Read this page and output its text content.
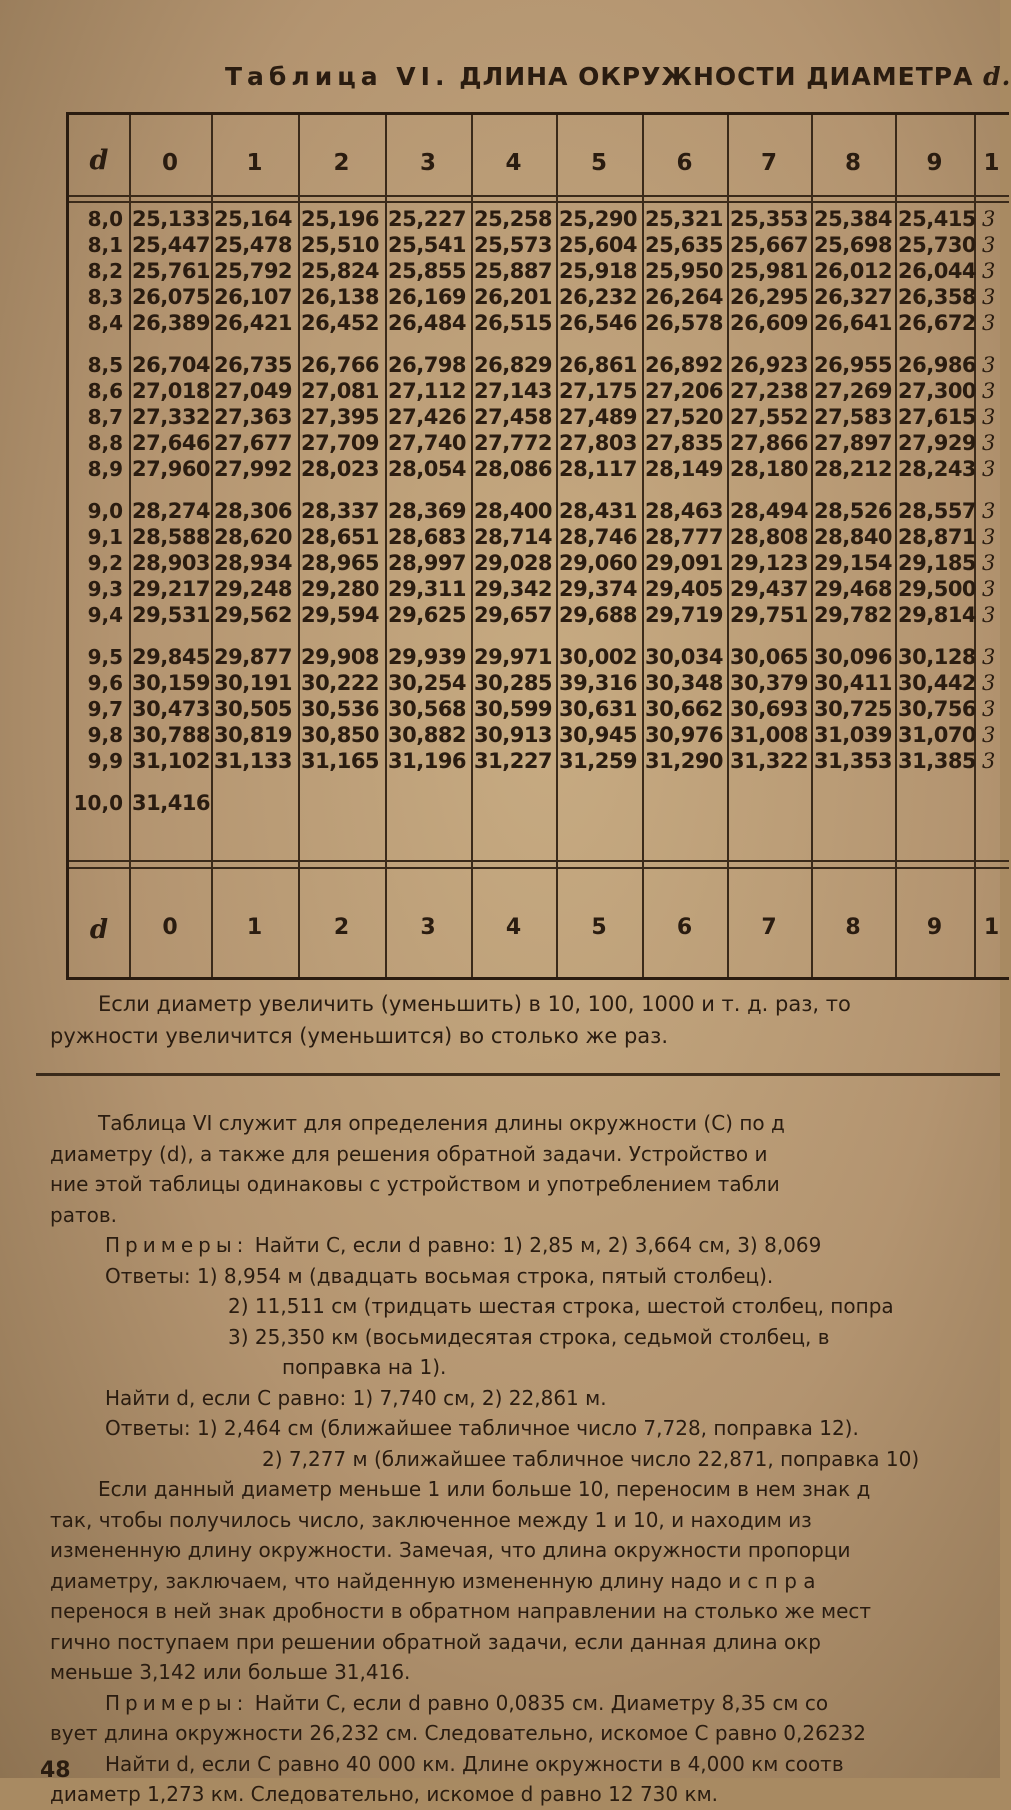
Таблица VI. ДЛИНА ОКРУЖНОСТИ ДИАМЕТРА d.
d	0	1	2	3	4	5	6	7	8	9	1
d	0	1	2	3	4	5	6	7	8	9	1
8,0 25,133 25,164 25,196 25,227 25,258 25,290 25,321 25,353 25,384 25,415 3
8,1 25,447 25,478 25,510 25,541 25,573 25,604 25,635 25,667 25,698 25,730 3
8,2 25,761 25,792 25,824 25,855 25,887 25,918 25,950 25,981 26,012 26,044 3
8,3 26,075 26,107 26,138 26,169 26,201 26,232 26,264 26,295 26,327 26,358 3
8,4 26,389 26,421 26,452 26,484 26,515 26,546 26,578 26,609 26,641 26,672 3
8,5 26,704 26,735 26,766 26,798 26,829 26,861 26,892 26,923 26,955 26,986 3
8,6 27,018 27,049 27,081 27,112 27,143 27,175 27,206 27,238 27,269 27,300 3
8,7 27,332 27,363 27,395 27,426 27,458 27,489 27,520 27,552 27,583 27,615 3
8,8 27,646 27,677 27,709 27,740 27,772 27,803 27,835 27,866 27,897 27,929 3
8,9 27,960 27,992 28,023 28,054 28,086 28,117 28,149 28,180 28,212 28,243 3
9,0 28,274 28,306 28,337 28,369 28,400 28,431 28,463 28,494 28,526 28,557 3
9,1 28,588 28,620 28,651 28,683 28,714 28,746 28,777 28,808 28,840 28,871 3
9,2 28,903 28,934 28,965 28,997 29,028 29,060 29,091 29,123 29,154 29,185 3
9,3 29,217 29,248 29,280 29,311 29,342 29,374 29,405 29,437 29,468 29,500 3
9,4 29,531 29,562 29,594 29,625 29,657 29,688 29,719 29,751 29,782 29,814 3
9,5 29,845 29,877 29,908 29,939 29,971 30,002 30,034 30,065 30,096 30,128 3
9,6 30,159 30,191 30,222 30,254 30,285 39,316 30,348 30,379 30,411 30,442 3
9,7 30,473 30,505 30,536 30,568 30,599 30,631 30,662 30,693 30,725 30,756 3
9,8 30,788 30,819 30,850 30,882 30,913 30,945 30,976 31,008 31,039 31,070 3
9,9 31,102 31,133 31,165 31,196 31,227 31,259 31,290 31,322 31,353 31,385 3
10,0 31,416
Если диаметр увеличить (уменьшить) в 10, 100, 1000 и т. д. раз, то
ружности увеличится (уменьшится) во столько же раз.

Таблица VI служит для определения длины окружности (С) по д

диаметру (d), а также для решения обратной задачи. Устройство и

ние этой таблицы одинаковы с устройством и употреблением табли

ратов.

Примеры: Найти С, если d равно: 1) 2,85 м, 2) 3,664 см, 3) 8,069

Ответы: 1) 8,954 м (двадцать восьмая строка, пятый столбец).

2) 11,511 см (тридцать шестая строка, шестой столбец, попра

3) 25,350 км (восьмидесятая строка, седьмой столбец, в

поправка на 1).

Найти d, если С равно: 1) 7,740 см, 2) 22,861 м.

Ответы: 1) 2,464 см (ближайшее табличное число 7,728, поправка 12).

2) 7,277 м (ближайшее табличное число 22,871, поправка 10)

Если данный диаметр меньше 1 или больше 10, переносим в нем знак д

так, чтобы получилось число, заключенное между 1 и 10, и находим из

измененную длину окружности. Замечая, что длина окружности пропорци

диаметру, заключаем, что найденную измененную длину надо и с п р а

перенося в ней знак дробности в обратном направлении на столько же мест

гично поступаем при решении обратной задачи, если данная длина окр

меньше 3,142 или больше 31,416.

Примеры: Найти С, если d равно 0,0835 см. Диаметру 8,35 см со

вует длина окружности 26,232 см. Следовательно, искомое С равно 0,26232

Найти d, если С равно 40 000 км. Длине окружности в 4,000 км соотв

диаметр 1,273 км. Следовательно, искомое d равно 12 730 км.

48
